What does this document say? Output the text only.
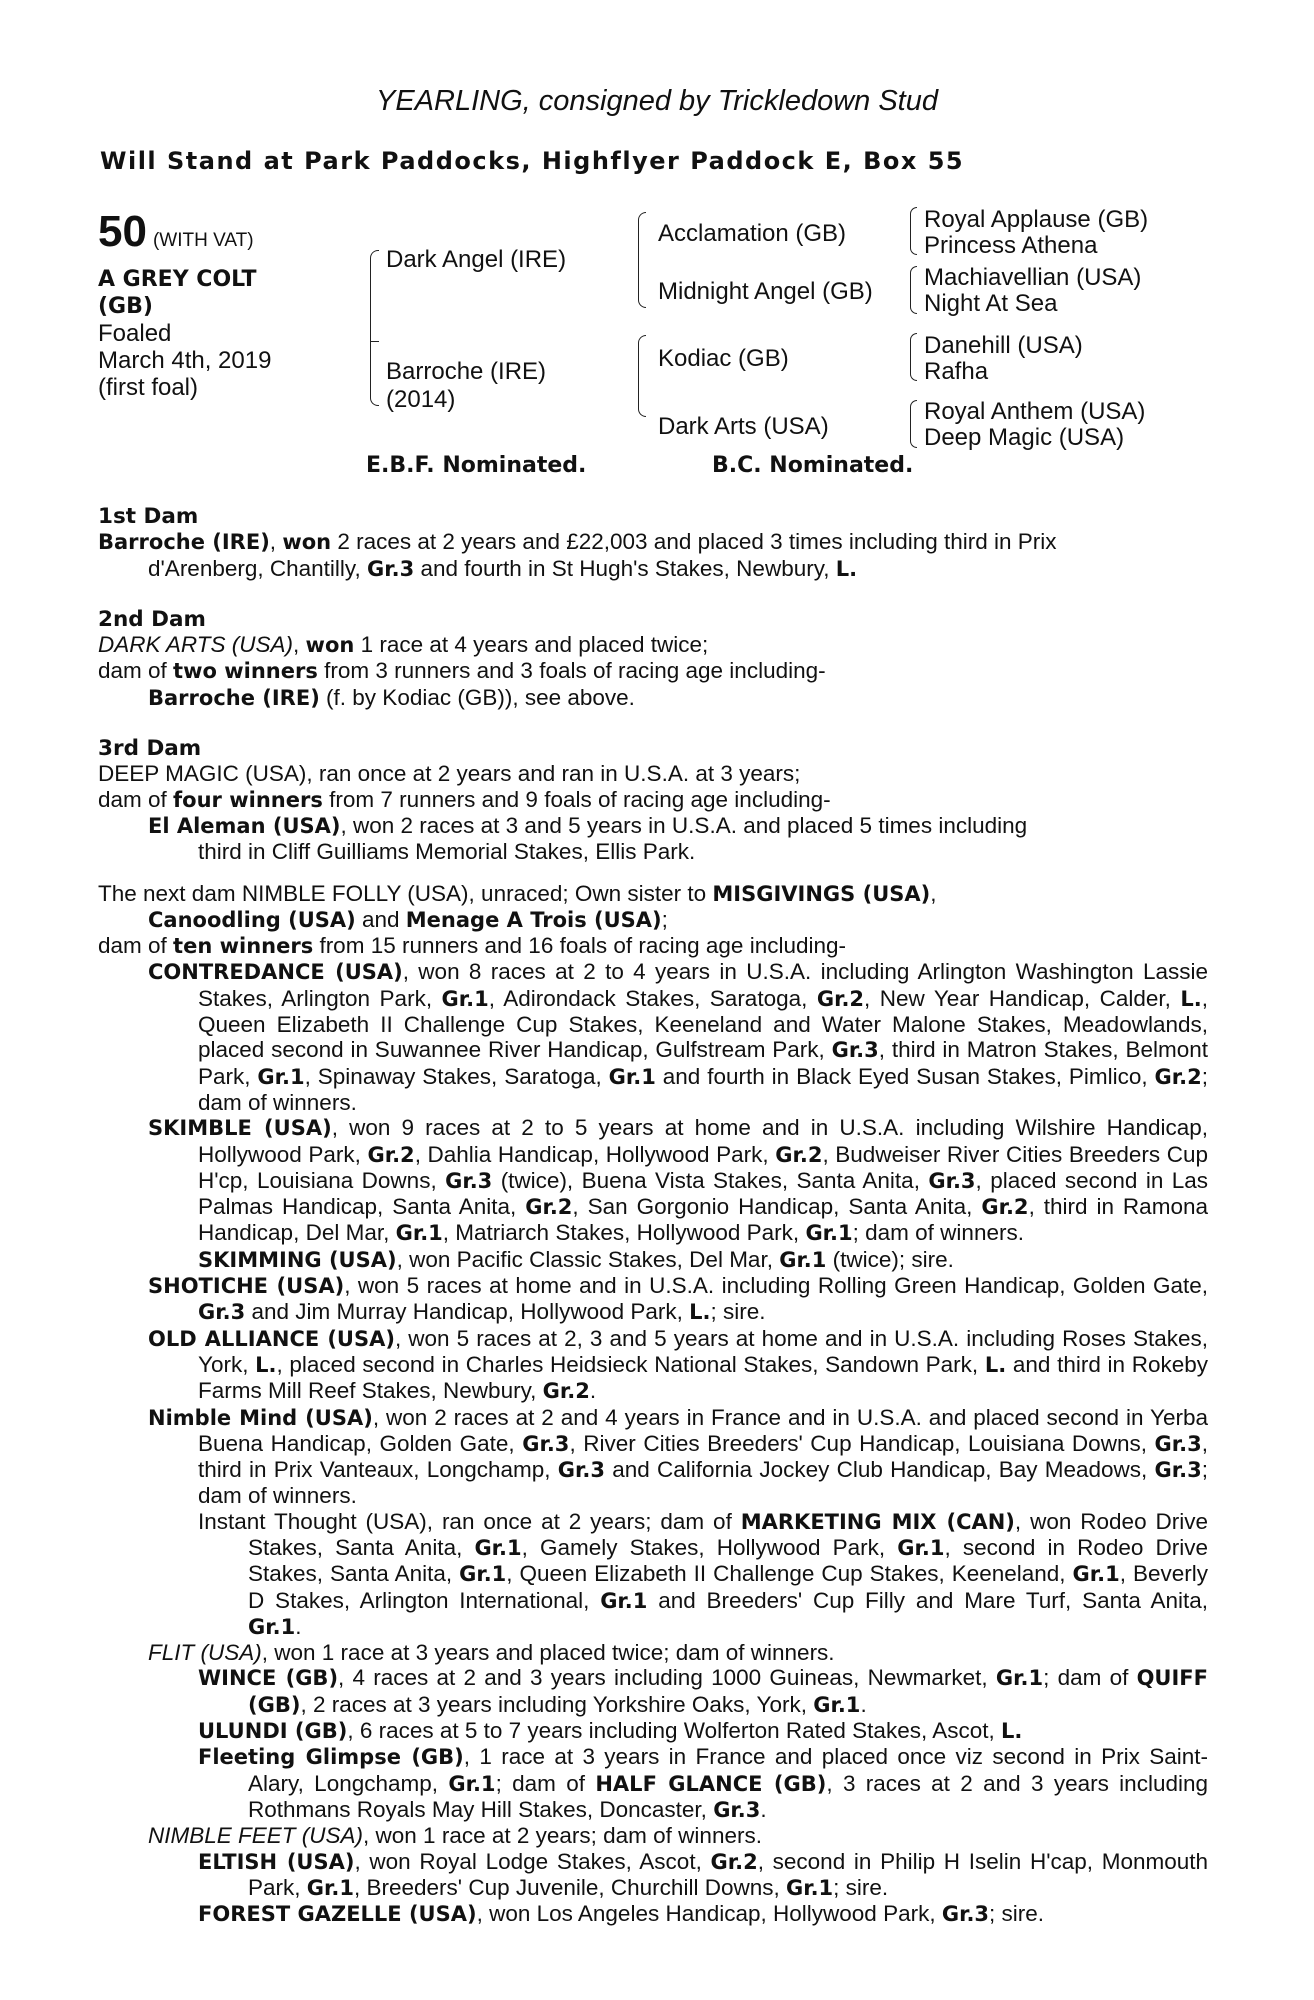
YEARLING, consigned by Trickledown Stud
Will Stand at Park Paddocks, Highflyer Paddock E, Box 55
50 (WITH VAT)
A GREY COLT
(GB)
Foaled
March 4th, 2019
(first foal)
Dark Angel (IRE)
Barroche (IRE)
(2014)
Acclamation (GB)
Midnight Angel (GB)
Kodiac (GB)
Dark Arts (USA)
Royal Applause (GB)
Princess Athena
Machiavellian (USA)
Night At Sea
Danehill (USA)
Rafha
Royal Anthem (USA)
Deep Magic (USA)
E.B.F. Nominated.	B.C. Nominated.

1st Dam

Barroche (IRE), won 2 races at 2 years and £22,003 and placed 3 times including third in Prix

d'Arenberg, Chantilly, Gr.3 and fourth in St Hugh's Stakes, Newbury, L.

2nd Dam

DARK ARTS (USA), won 1 race at 4 years and placed twice;

dam of two winners from 3 runners and 3 foals of racing age including-

Barroche (IRE) (f. by Kodiac (GB)), see above.

3rd Dam

DEEP MAGIC (USA), ran once at 2 years and ran in U.S.A. at 3 years;

dam of four winners from 7 runners and 9 foals of racing age including-

El Aleman (USA), won 2 races at 3 and 5 years in U.S.A. and placed 5 times including

third in Cliff Guilliams Memorial Stakes, Ellis Park.

The next dam NIMBLE FOLLY (USA), unraced; Own sister to MISGIVINGS (USA),

Canoodling (USA) and Menage A Trois (USA);

dam of ten winners from 15 runners and 16 foals of racing age including-

CONTREDANCE (USA), won 8 races at 2 to 4 years in U.S.A. including Arlington Washington Lassie Stakes, Arlington Park, Gr.1, Adirondack Stakes, Saratoga, Gr.2, New Year Handicap, Calder, L., Queen Elizabeth II Challenge Cup Stakes, Keeneland and Water Malone Stakes, Meadowlands, placed second in Suwannee River Handicap, Gulfstream Park, Gr.3, third in Matron Stakes, Belmont Park, Gr.1, Spinaway Stakes, Saratoga, Gr.1 and fourth in Black Eyed Susan Stakes, Pimlico, Gr.2; dam of winners.

SKIMBLE (USA), won 9 races at 2 to 5 years at home and in U.S.A. including Wilshire Handicap, Hollywood Park, Gr.2, Dahlia Handicap, Hollywood Park, Gr.2, Budweiser River Cities Breeders Cup H'cp, Louisiana Downs, Gr.3 (twice), Buena Vista Stakes, Santa Anita, Gr.3, placed second in Las Palmas Handicap, Santa Anita, Gr.2, San Gorgonio Handicap, Santa Anita, Gr.2, third in Ramona Handicap, Del Mar, Gr.1, Matriarch Stakes, Hollywood Park, Gr.1; dam of winners.

SKIMMING (USA), won Pacific Classic Stakes, Del Mar, Gr.1 (twice); sire.

SHOTICHE (USA), won 5 races at home and in U.S.A. including Rolling Green Handicap, Golden Gate, Gr.3 and Jim Murray Handicap, Hollywood Park, L.; sire.

OLD ALLIANCE (USA), won 5 races at 2, 3 and 5 years at home and in U.S.A. including Roses Stakes, York, L., placed second in Charles Heidsieck National Stakes, Sandown Park, L. and third in Rokeby Farms Mill Reef Stakes, Newbury, Gr.2.

Nimble Mind (USA), won 2 races at 2 and 4 years in France and in U.S.A. and placed second in Yerba Buena Handicap, Golden Gate, Gr.3, River Cities Breeders' Cup Handicap, Louisiana Downs, Gr.3, third in Prix Vanteaux, Longchamp, Gr.3 and California Jockey Club Handicap, Bay Meadows, Gr.3; dam of winners.

Instant Thought (USA), ran once at 2 years; dam of MARKETING MIX (CAN), won Rodeo Drive Stakes, Santa Anita, Gr.1, Gamely Stakes, Hollywood Park, Gr.1, second in Rodeo Drive Stakes, Santa Anita, Gr.1, Queen Elizabeth II Challenge Cup Stakes, Keeneland, Gr.1, Beverly D Stakes, Arlington International, Gr.1 and Breeders' Cup Filly and Mare Turf, Santa Anita, Gr.1.

FLIT (USA), won 1 race at 3 years and placed twice; dam of winners.

WINCE (GB), 4 races at 2 and 3 years including 1000 Guineas, Newmarket, Gr.1; dam of QUIFF (GB), 2 races at 3 years including Yorkshire Oaks, York, Gr.1.

ULUNDI (GB), 6 races at 5 to 7 years including Wolferton Rated Stakes, Ascot, L.

Fleeting Glimpse (GB), 1 race at 3 years in France and placed once viz second in Prix Saint-Alary, Longchamp, Gr.1; dam of HALF GLANCE (GB), 3 races at 2 and 3 years including Rothmans Royals May Hill Stakes, Doncaster, Gr.3.

NIMBLE FEET (USA), won 1 race at 2 years; dam of winners.

ELTISH (USA), won Royal Lodge Stakes, Ascot, Gr.2, second in Philip H Iselin H'cap, Monmouth Park, Gr.1, Breeders' Cup Juvenile, Churchill Downs, Gr.1; sire.

FOREST GAZELLE (USA), won Los Angeles Handicap, Hollywood Park, Gr.3; sire.
